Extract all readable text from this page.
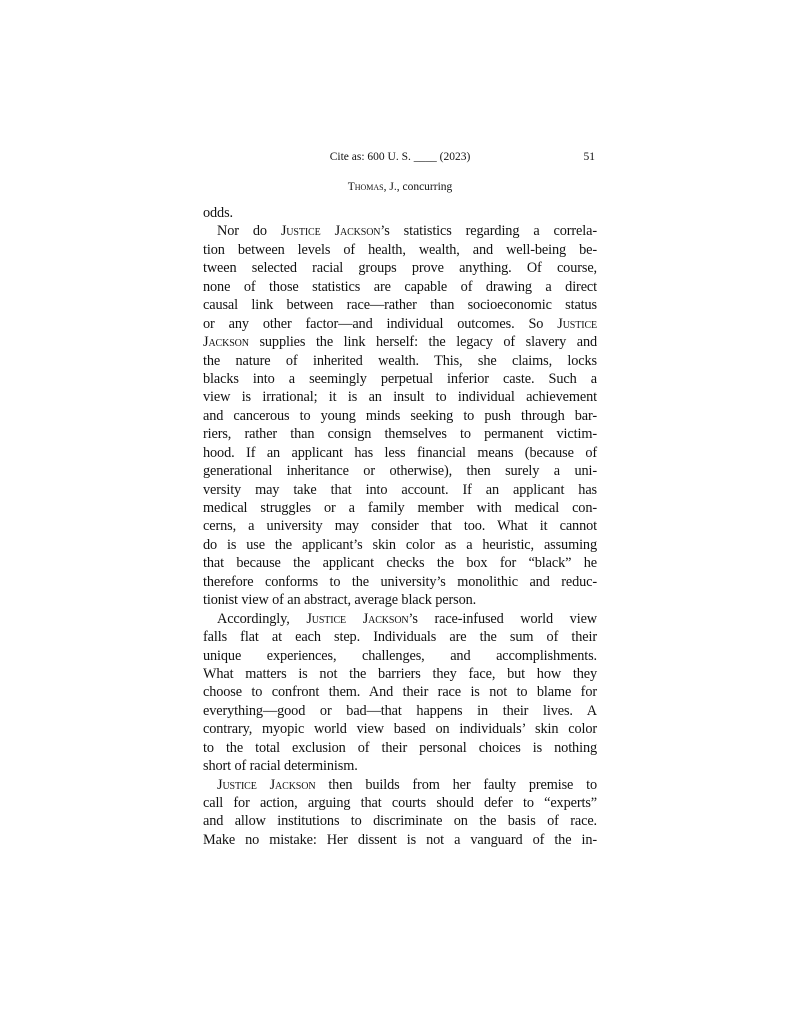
Cite as: 600 U. S. ____ (2023)	51
Thomas, J., concurring
odds.
Nor do Justice Jackson’s statistics regarding a correla-
tion between levels of health, wealth, and well-being be-
tween selected racial groups prove anything. Of course,
none of those statistics are capable of drawing a direct
causal link between race—rather than socioeconomic status
or any other factor—and individual outcomes. So Justice
Jackson supplies the link herself: the legacy of slavery and
the nature of inherited wealth. This, she claims, locks
blacks into a seemingly perpetual inferior caste. Such a
view is irrational; it is an insult to individual achievement
and cancerous to young minds seeking to push through bar-
riers, rather than consign themselves to permanent victim-
hood. If an applicant has less financial means (because of
generational inheritance or otherwise), then surely a uni-
versity may take that into account. If an applicant has
medical struggles or a family member with medical con-
cerns, a university may consider that too. What it cannot
do is use the applicant’s skin color as a heuristic, assuming
that because the applicant checks the box for “black” he
therefore conforms to the university’s monolithic and reduc-
tionist view of an abstract, average black person.
Accordingly, Justice Jackson’s race-infused world view
falls flat at each step. Individuals are the sum of their
unique experiences, challenges, and accomplishments.
What matters is not the barriers they face, but how they
choose to confront them. And their race is not to blame for
everything—good or bad—that happens in their lives. A
contrary, myopic world view based on individuals’ skin color
to the total exclusion of their personal choices is nothing
short of racial determinism.
Justice Jackson then builds from her faulty premise to
call for action, arguing that courts should defer to “experts”
and allow institutions to discriminate on the basis of race.
Make no mistake: Her dissent is not a vanguard of the in-
